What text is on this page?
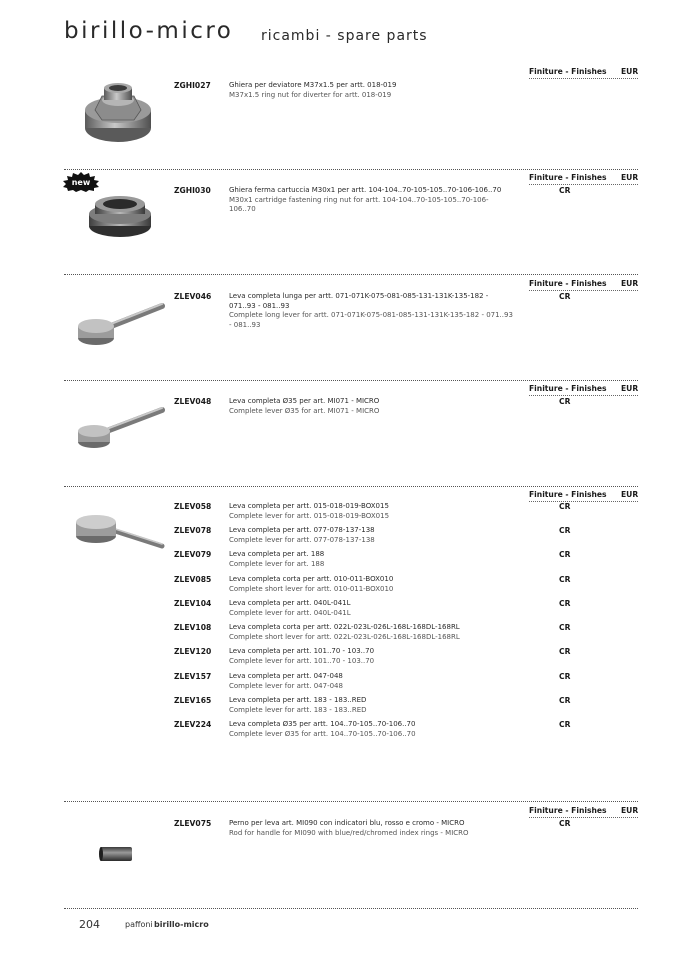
birillo-micro ricambi - spare parts
Finiture - Finishes EUR
ZGHI027	Ghiera per deviatore M37x1.5 per artt. 018-019
M37x1.5 ring nut for diverter for artt. 018-019
Finiture - Finishes EUR
new
ZGHI030	Ghiera ferma cartuccia M30x1 per artt. 104-104..70-105-105..70-106-106..70
M30x1 cartridge fastening ring nut for artt. 104-104..70-105-105..70-106-106..70
CR
Finiture - Finishes EUR
ZLEV046	Leva completa lunga per artt. 071-071K-075-081-085-131-131K-135-182 - 071..93 - 081..93
Complete long lever for artt. 071-071K-075-081-085-131-131K-135-182 - 071..93 - 081..93
CR
Finiture - Finishes EUR
ZLEV048	Leva completa Ø35 per art. MI071 - MICRO
Complete lever Ø35 for art. MI071 - MICRO
CR
Finiture - Finishes EUR
ZLEV058	Leva completa per artt. 015-018-019-BOX015
Complete lever for artt. 015-018-019-BOX015
CR
ZLEV078	Leva completa per artt. 077-078-137-138
Complete lever for artt. 077-078-137-138
CR
ZLEV079	Leva completa per art. 188
Complete lever for art. 188
CR
ZLEV085	Leva completa corta per artt. 010-011-BOX010
Complete short lever for artt. 010-011-BOX010
CR
ZLEV104	Leva completa per artt. 040L-041L
Complete lever for artt. 040L-041L
CR
ZLEV108	Leva completa corta per artt. 022L-023L-026L-168L-168DL-168RL
Complete short lever for artt. 022L-023L-026L-168L-168DL-168RL
CR
ZLEV120	Leva completa per artt. 101..70 - 103..70
Complete lever for artt. 101..70 - 103..70
CR
ZLEV157	Leva completa per artt. 047-048
Complete lever for artt. 047-048
CR
ZLEV165	Leva completa per artt. 183 - 183..RED
Complete lever for artt. 183 - 183..RED
CR
ZLEV224	Leva completa Ø35 per artt. 104..70-105..70-106..70
Complete lever Ø35 for artt. 104..70-105..70-106..70
CR
Finiture - Finishes EUR
ZLEV075	Perno per leva art. MI090 con indicatori blu, rosso e cromo - MICRO
Rod for handle for MI090 with blue/red/chromed index rings - MICRO
CR
204	paffoni birillo-micro
